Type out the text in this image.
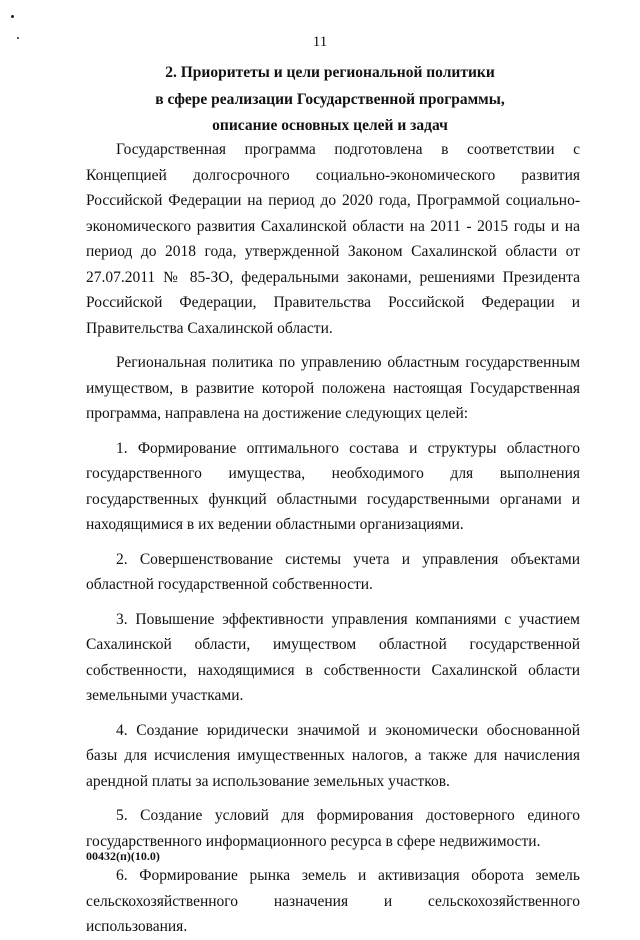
11
2. Приоритеты и цели региональной политики
в сфере реализации Государственной программы,
описание основных целей и задач

Государственная программа подготовлена в соответствии с Концепцией долгосрочного социально-экономического развития Российской Федерации на период до 2020 года, Программой социально-экономического развития Сахалинской области на 2011 - 2015 годы и на период до 2018 года, утвержденной Законом Сахалинской области от 27.07.2011 № 85-ЗО, федеральными законами, решениями Президента Российской Федерации, Правительства Российской Федерации и Правительства Сахалинской области.

Региональная политика по управлению областным государственным имуществом, в развитие которой положена настоящая Государственная программа, направлена на достижение следующих целей:

1. Формирование оптимального состава и структуры областного государственного имущества, необходимого для выполнения государственных функций областными государственными органами и находящимися в их ведении областными организациями.

2. Совершенствование системы учета и управления объектами областной государственной собственности.

3. Повышение эффективности управления компаниями с участием Сахалинской области, имуществом областной государственной собственности, находящимися в собственности Сахалинской области земельными участками.

4. Создание юридически значимой и экономически обоснованной базы для исчисления имущественных налогов, а также для начисления арендной платы за использование земельных участков.

5. Создание условий для формирования достоверного единого государственного информационного ресурса в сфере недвижимости.

6. Формирование рынка земель и активизация оборота земель сельскохозяйственного назначения и сельскохозяйственного использования.

00432(п)(10.0)
